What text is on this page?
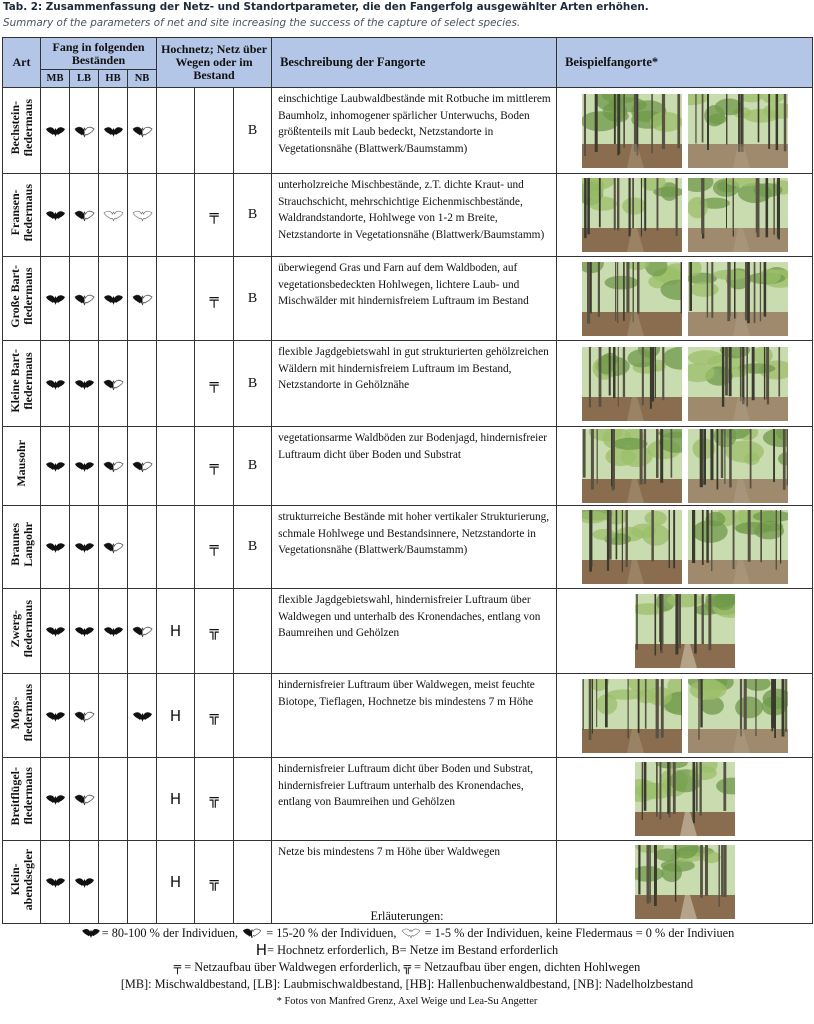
Tab. 2: Zusammenfassung der Netz- und Standortparameter, die den Fangerfolg ausgewählter Arten erhöhen.
Summary of the parameters of net and site increasing the success of the capture of select species.
Art	Fang in folgenden Beständen				Hochnetz; Netz über Wegen oder im Bestand			Beschreibung der Fangorte	Beispielfangorte*
	MB	LB	HB	NB					
Bechstein-
fledermaus							B	einschichtige Laubwaldbestände mit Rotbuche im mittlerem Baumholz, inhomogener spärlicher Unterwuchs, Boden größtenteils mit Laub bedeckt, Netzstandorte in Vegetationsnähe (Blattwerk/Baumstamm)	

Fransen-
fledermaus						╤	B	unterholzreiche Mischbestände, z.T. dichte Kraut- und Strauchschicht, mehrschichtige Eichenmischbestände, Waldrandstandorte, Hohlwege von 1-2 m Breite, Netzstandorte in Vegetationsnähe (Blattwerk/Baumstamm)	

Große Bart-
fledermaus						╤	B	überwiegend Gras und Farn auf dem Waldboden, auf vegetationsbedeckten Hohlwegen, lichtere Laub- und Mischwälder mit hindernisfreiem Luftraum im Bestand	

Kleine Bart-
fledermaus						╤	B	flexible Jagdgebietswahl in gut strukturierten gehölzreichen Wäldern mit hindernisfreiem Luftraum im Bestand, Netzstandorte in Gehölznähe	

Mausohr						╤	B	vegetationsarme Waldböden zur Bodenjagd, hindernisfreier Luftraum dicht über Boden und Substrat	

Braunes
Langohr						╤	B	strukturreiche Bestände mit hoher vertikaler Strukturierung, schmale Hohlwege und Bestandsinnere, Netzstandorte in Vegetationsnähe (Blattwerk/Baumstamm)	

Zwerg-
fledermaus					H	╦		flexible Jagdgebietswahl, hindernisfreier Luftraum über Waldwegen und unterhalb des Kronendaches, entlang von Baumreihen und Gehölzen	

Mops-
fledermaus					H	╦		hindernisfreier Luftraum über Waldwegen, meist feuchte Biotope, Tieflagen, Hochnetze bis mindestens 7 m Höhe	

Breitflügel-
fledermaus					H	╦		hindernisfreier Luftraum dicht über Boden und Substrat, hindernisfreier Luftraum unterhalb des Kronendaches, entlang von Baumreihen und Gehölzen	

Klein-
abendsegler					H	╦		Netze bis mindestens 7 m Höhe über Waldwegen	
Erläuterungen:
= 80-100 % der Individuen, = 15-20 % der Individuen, = 1-5 % der Individuen, keine Fledermaus = 0 % der Indiviuen
H= Hochnetz erforderlich, B= Netze im Bestand erforderlich
╤ = Netzaufbau über Waldwegen erforderlich, ╦ = Netzaufbau über engen, dichten Hohlwegen
[MB]: Mischwaldbestand, [LB]: Laubmischwaldbestand, [HB]: Hallenbuchenwaldbestand, [NB]: Nadelholzbestand
* Fotos von Manfred Grenz, Axel Weige und Lea-Su Angetter
